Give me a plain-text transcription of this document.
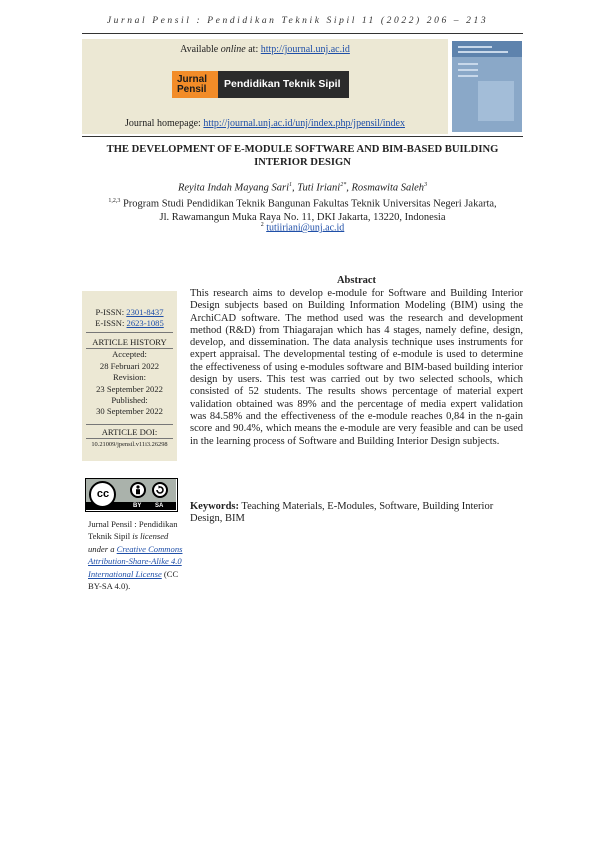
Jurnal Pensil : Pendidikan Teknik Sipil 11 (2022) 206 – 213
Available online at: http://journal.unj.ac.id
Jurnal Pensil	Pendidikan Teknik Sipil
Journal homepage: http://journal.unj.ac.id/unj/index.php/jpensil/index
THE DEVELOPMENT OF E-MODULE SOFTWARE AND BIM-BASED BUILDING INTERIOR DESIGN
Reyita Indah Mayang Sari$^1$, Tuti Iriani$^{2*}$, Rosmawita Saleh$^3$
$^{1,2,3}$ Program Studi Pendidikan Teknik Bangunan Fakultas Teknik Universitas Negeri Jakarta,
Jl. Rawamangun Muka Raya No. 11, DKI Jakarta, 13220, Indonesia
$^2$ tutiiriani@unj.ac.id
P-ISSN: 2301-8437
E-ISSN: 2623-1085
ARTICLE HISTORY
Accepted:
28 Februari 2022
Revision:
23 September 2022
Published:
30 September 2022
ARTICLE DOI:
10.21009/jpensil.v11i3.26298
cc
BY SA
Jurnal Pensil : Pendidikan Teknik Sipil is licensed under a Creative Commons Attribution-Share-Alike 4.0 International License (CC BY-SA 4.0).
Abstract

This research aims to develop e-module for Software and Building Interior Design subjects based on Building Information Modeling (BIM) using the ArchiCAD software. The method used was the research and development method (R&D) from Thiagarajan which has 4 stages, namely define, design, develop, and dissemination. The data analysis technique uses instruments for expert appraisal. The developmental testing of e-module is used to determine the effectiveness of using e-modules software and BIM-based building interior design by users. This test was carried out by two selected schools, which consisted of 52 students. The results shows percentage of material expert validation obtained was 89% and the percentage of media expert validation was 84.58% and the effectiveness of the e-module reaches 0,84 in the n-gain score and 90.4%, which means the e-module are very feasible and can be used in the learning process of Software and Building Interior Design subjects.

Keywords: Teaching Materials, E-Modules, Software, Building Interior Design, BIM
